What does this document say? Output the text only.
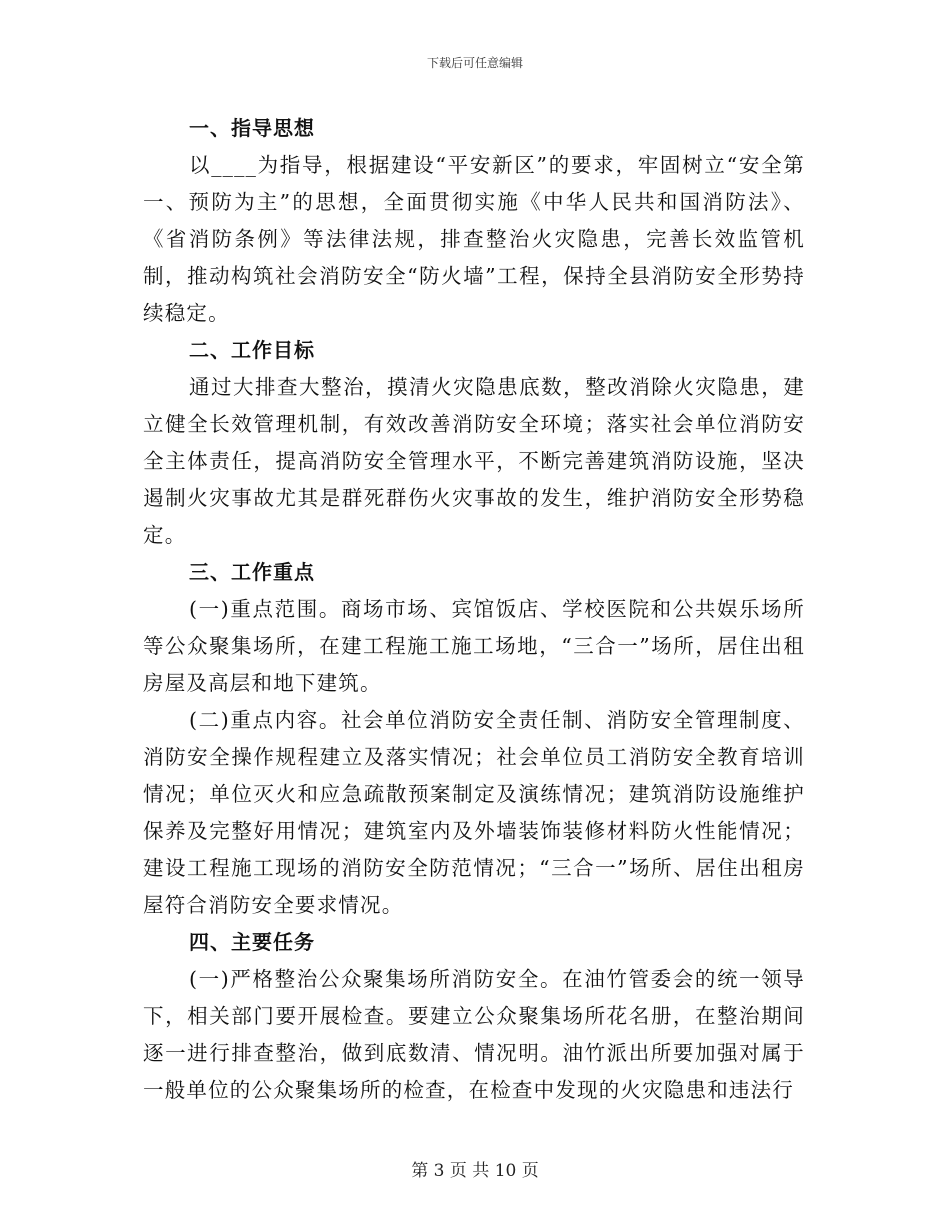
下载后可任意编辑
一、指导思想

以____为指导，根据建设“平安新区”的要求，牢固树立“安全第一、预防为主”的思想，全面贯彻实施《中华人民共和国消防法》、《省消防条例》等法律法规，排查整治火灾隐患，完善长效监管机制，推动构筑社会消防安全“防火墙”工程，保持全县消防安全形势持续稳定。

二、工作目标

通过大排查大整治，摸清火灾隐患底数，整改消除火灾隐患，建立健全长效管理机制，有效改善消防安全环境；落实社会单位消防安全主体责任，提高消防安全管理水平，不断完善建筑消防设施，坚决遏制火灾事故尤其是群死群伤火灾事故的发生，维护消防安全形势稳定。

三、工作重点

(一)重点范围。商场市场、宾馆饭店、学校医院和公共娱乐场所等公众聚集场所，在建工程施工施工场地，“三合一”场所，居住出租房屋及高层和地下建筑。

(二)重点内容。社会单位消防安全责任制、消防安全管理制度、消防安全操作规程建立及落实情况；社会单位员工消防安全教育培训情况；单位灭火和应急疏散预案制定及演练情况；建筑消防设施维护保养及完整好用情况；建筑室内及外墙装饰装修材料防火性能情况；建设工程施工现场的消防安全防范情况；“三合一”场所、居住出租房屋符合消防安全要求情况。

四、主要任务

(一)严格整治公众聚集场所消防安全。在油竹管委会的统一领导下，相关部门要开展检查。要建立公众聚集场所花名册，在整治期间逐一进行排查整治，做到底数清、情况明。油竹派出所要加强对属于一般单位的公众聚集场所的检查，在检查中发现的火灾隐患和违法行

第 3 页 共 10 页
